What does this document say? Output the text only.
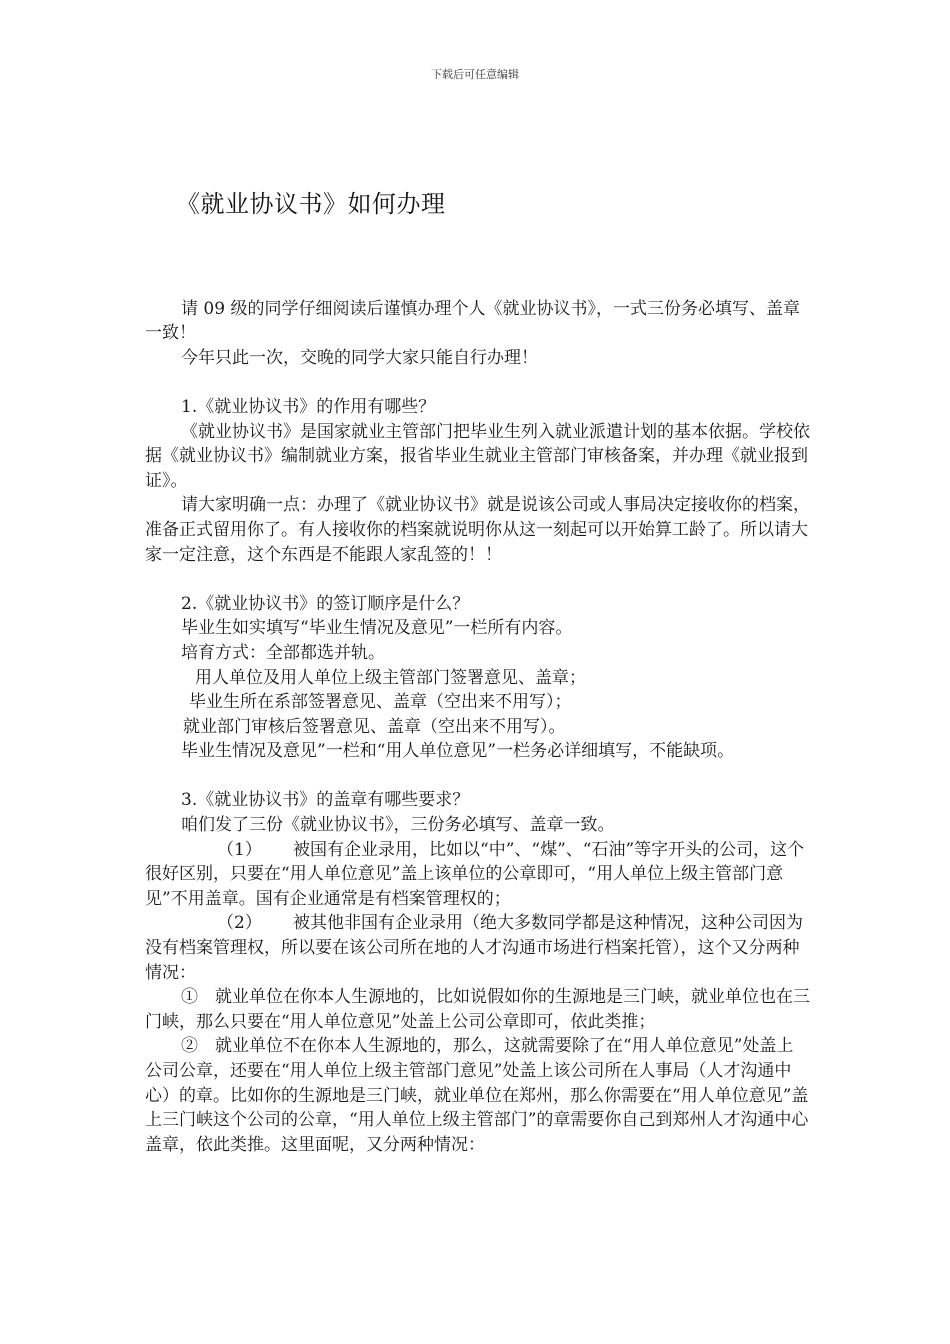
下载后可任意编辑
《就业协议书》如何办理

请 09 级的同学仔细阅读后谨慎办理个人《就业协议书》，一式三份务必填写、盖章一致！

今年只此一次，交晚的同学大家只能自行办理！

1.《就业协议书》的作用有哪些？

《就业协议书》是国家就业主管部门把毕业生列入就业派遣计划的基本依据。学校依据《就业协议书》编制就业方案，报省毕业生就业主管部门审核备案，并办理《就业报到证》。

请大家明确一点：办理了《就业协议书》就是说该公司或人事局决定接收你的档案，准备正式留用你了。有人接收你的档案就说明你从这一刻起可以开始算工龄了。所以请大家一定注意，这个东西是不能跟人家乱签的！！

2.《就业协议书》的签订顺序是什么？

毕业生如实填写“毕业生情况及意见”一栏所有内容。

培育方式：全部都选并轨。

用人单位及用人单位上级主管部门签署意见、盖章；

毕业生所在系部签署意见、盖章（空出来不用写）；

就业部门审核后签署意见、盖章（空出来不用写）。

毕业生情况及意见”一栏和“用人单位意见”一栏务必详细填写，不能缺项。

3.《就业协议书》的盖章有哪些要求？

咱们发了三份《就业协议书》，三份务必填写、盖章一致。

（1） 被国有企业录用，比如以“中”、“煤”、“石油”等字开头的公司，这个很好区别，只要在“用人单位意见”盖上该单位的公章即可，“用人单位上级主管部门意见”不用盖章。国有企业通常是有档案管理权的；

（2） 被其他非国有企业录用（绝大多数同学都是这种情况，这种公司因为没有档案管理权，所以要在该公司所在地的人才沟通市场进行档案托管），这个又分两种情况：

①　就业单位在你本人生源地的，比如说假如你的生源地是三门峡，就业单位也在三门峡，那么只要在“用人单位意见”处盖上公司公章即可，依此类推；

②　就业单位不在你本人生源地的，那么，这就需要除了在“用人单位意见”处盖上公司公章，还要在“用人单位上级主管部门意见”处盖上该公司所在人事局（人才沟通中心）的章。比如你的生源地是三门峡，就业单位在郑州，那么你需要在“用人单位意见”盖上三门峡这个公司的公章，“用人单位上级主管部门”的章需要你自己到郑州人才沟通中心盖章，依此类推。这里面呢，又分两种情况：
